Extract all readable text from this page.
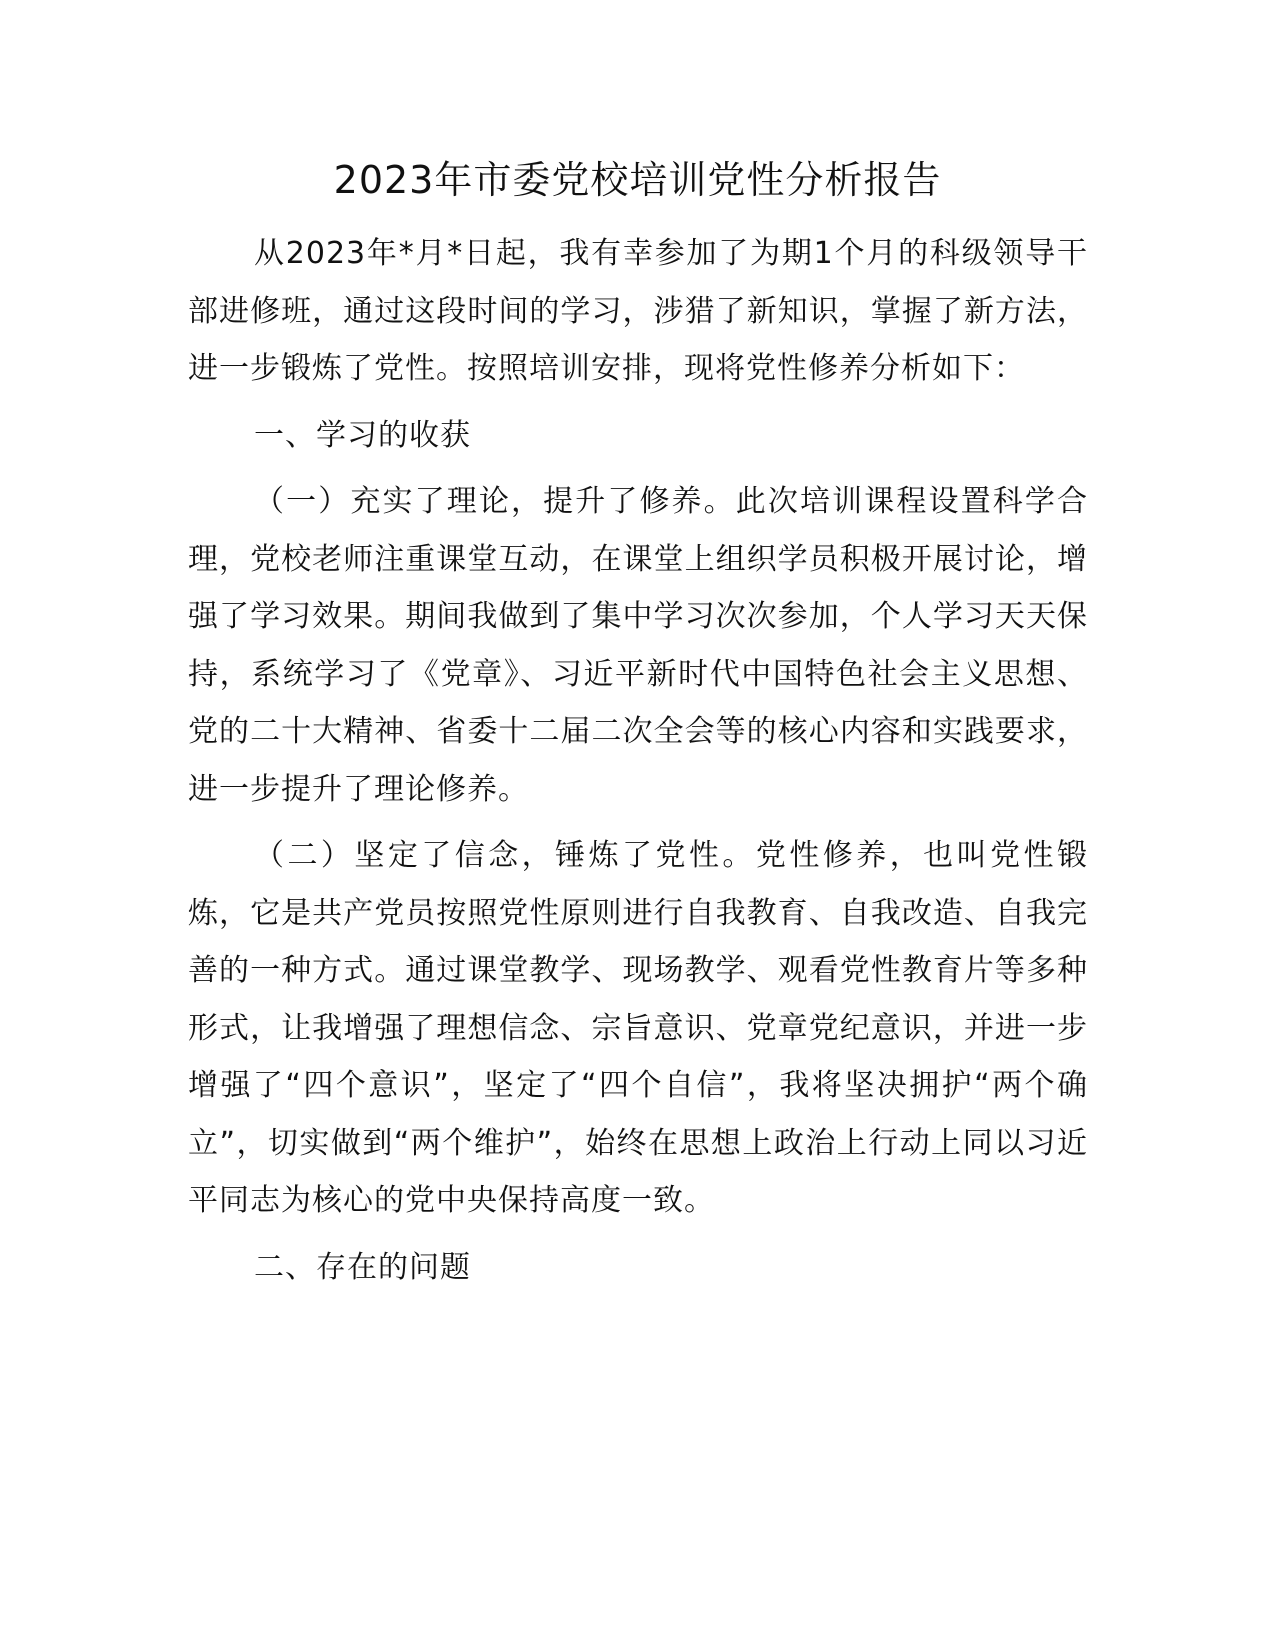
2023年市委党校培训党性分析报告

从2023年*月*日起，我有幸参加了为期1个月的科级领导干部进修班，通过这段时间的学习，涉猎了新知识，掌握了新方法，进一步锻炼了党性。按照培训安排，现将党性修养分析如下：

一、学习的收获

（一）充实了理论，提升了修养。此次培训课程设置科学合理，党校老师注重课堂互动，在课堂上组织学员积极开展讨论，增强了学习效果。期间我做到了集中学习次次参加，个人学习天天保持，系统学习了《党章》、习近平新时代中国特色社会主义思想、党的二十大精神、省委十二届二次全会等的核心内容和实践要求，进一步提升了理论修养。

（二）坚定了信念，锤炼了党性。党性修养，也叫党性锻炼，它是共产党员按照党性原则进行自我教育、自我改造、自我完善的一种方式。通过课堂教学、现场教学、观看党性教育片等多种形式，让我增强了理想信念、宗旨意识、党章党纪意识，并进一步增强了“四个意识”，坚定了“四个自信”，我将坚决拥护“两个确立”，切实做到“两个维护”，始终在思想上政治上行动上同以习近平同志为核心的党中央保持高度一致。

二、存在的问题
